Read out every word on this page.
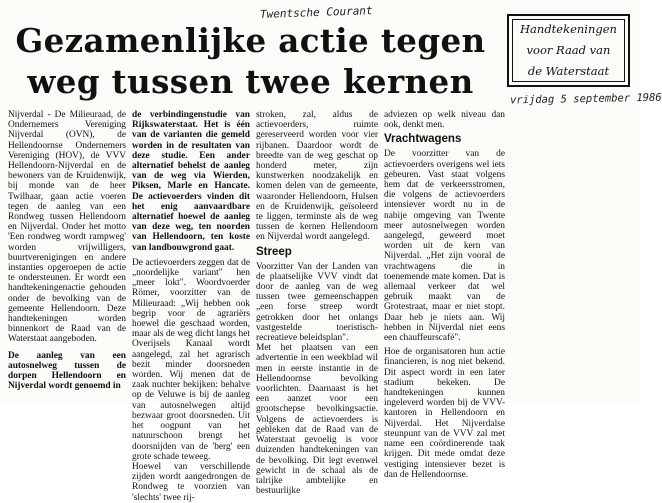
Twentsche Courant
Gezamenlijke actie tegen
weg tussen twee kernen
Handtekeningen
voor Raad van
de Waterstaat
vrijdag 5 september 1986

Nijverdal - De Milieuraad, de Ondernemers Vereniging Nijverdal (OVN), de Hellendoornse Ondernemers Vereniging (HOV), de VVV Hellendoorn-Nijverdal en de bewoners van de Kruidenwijk, bij monde van de heer Twilhaar, gaan actie voeren tegen de aanleg van een Rondweg tussen Hellendoorn en Nijverdal. Onder het motto 'Een rondweg wordt rampweg' worden vrijwilligers, buurtverenigingen en andere instanties opgeroepen de actie te ondersteunen. Er wordt een handtekeningenactie gehouden onder de bevolking van de gemeente Hellendoorn. Deze handtekeningen worden binnenkort de Raad van de Waterstaat aangeboden.

De aanleg van een autosnelweg tussen de dorpen Hellendoorn en Nijverdal wordt genoemd in

de verbindingenstudie van Rijkswaterstaat. Het is één van de varianten die gemeld worden in de resultaten van deze studie. Een ander alternatief behelst de aanleg van de weg via Wierden, Piksen, Marle en Hancate. De actievoerders vinden dit het enig aanvaardbare alternatief hoewel de aanleg van deze weg, ten noorden van Hellendoorn, ten koste van landbouwgrond gaat.

De actievoerders zeggen dat de „noordelijke variant" hen „meer lokt". Woordvoerder Römer, voorzitter van de Milieuraad: „Wij hebben ook begrip voor de agrariërs hoewel die geschaad worden, maar als de weg dicht langs het Overijsels Kanaal wordt aangelegd, zal het agrarisch bezit minder doorsneden worden. Wij menen dat de zaak nuchter bekijken: behalve op de Veluwe is bij de aanleg van autosnelwegen altijd bezwaar groot doorsneden. Uit het oogpunt van het natuurschoon brengt het doorsnijden van de 'berg' een grote schade teweeg.

Hoewel van verschillende zijden wordt aangedrongen de Rondweg te voorzien van 'slechts' twee rij-

stroken, zal, aldus de actievoerders, ruimte gereserveerd worden voor vier rijbanen. Daardoor wordt de breedte van de weg geschat op honderd meter, zijn kunstwerken noodzakelijk en komen delen van de gemeente, waaronder Hellendoorn, Hulsen en de Kruidenwijk, geïsoleerd te liggen, terminste als de weg tussen de kernen Hellendoorn en Nijverdal wordt aangelegd.

Streep

Voorzitter Van der Landen van de plaatselijke VVV vindt dat door de aanleg van de weg tussen twee gemeenschappen „een forse streep wordt getrokken door het onlangs vastgestelde toeristisch-recreatieve beleidsplan".

Met het plaatsen van een advertentie in een weekblad wil men in eerste instantie in de Hellendoornse bevolking voorlichten. Daarnaast is het een aanzet voor een grootschepse bevolkingsactie. Volgens de actievoerders is gebleken dat de Raad van de Waterstaat gevoelig is voor duizenden handtekeningen van de bevolking. Dit legt evenwel gewicht in de schaal als de talrijke ambtelijke en bestuurlijke

adviezen op welk niveau dan ook, denkt men.

Vrachtwagens

De voorzitter van de actievoerders overigens wel iets gebeuren. Vast staat volgens hem dat de verkeersstromen, die volgens de actievoerders intensiever wordt nu in de nabije omgeving van Twente meer autosnelwegen worden aangelegd, geweerd moet worden uit de kern van Nijverdal. „Het zijn vooral de vrachtwagens die in toenemende mate komen. Dat is allemaal verkeer dat wel gebruik maakt van de Grotestraat, maar er niet stopt. Daar heb je niets aan. Wij hebben in Nijverdal niet eens een chauffeurscafé".

Hoe de organisatoren hun actie financieren, is nog niet bekend. Dit aspect wordt in een later stadium bekeken. De handtekeningen kunnen ingeleverd worden bij de VVV-kantoren in Hellendoorn en Nijverdal. Het Nijverdalse steunpunt van de VVV zal met name een coördinerende taak krijgen. Dit mede omdat deze vestiging intensiever bezet is dan de Hellendoornse.
